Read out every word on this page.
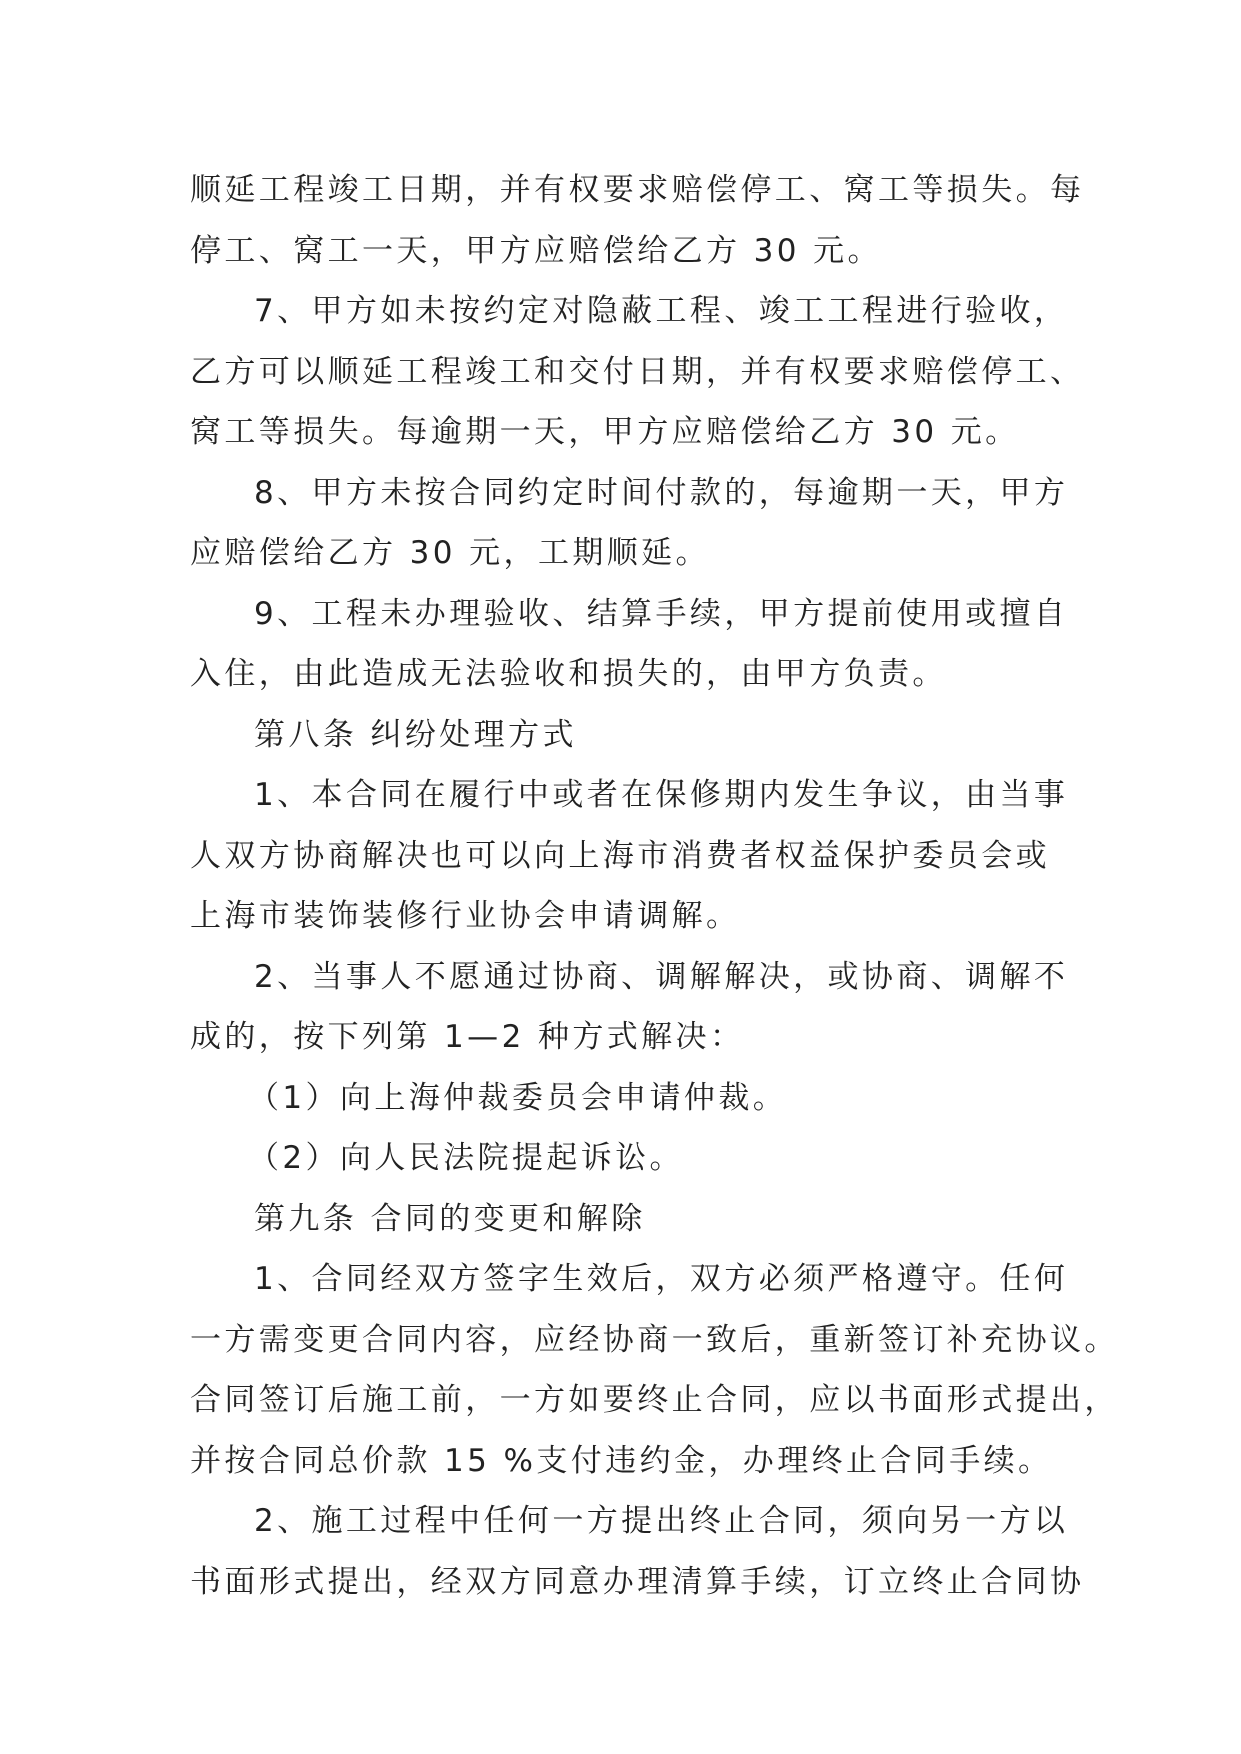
顺延工程竣工日期，并有权要求赔偿停工、窝工等损失。每
停工、窝工一天，甲方应赔偿给乙方 30 元。
7、甲方如未按约定对隐蔽工程、竣工工程进行验收，
乙方可以顺延工程竣工和交付日期，并有权要求赔偿停工、
窝工等损失。每逾期一天，甲方应赔偿给乙方 30 元。
8、甲方未按合同约定时间付款的，每逾期一天，甲方
应赔偿给乙方 30 元，工期顺延。
9、工程未办理验收、结算手续，甲方提前使用或擅自
入住，由此造成无法验收和损失的，由甲方负责。
第八条 纠纷处理方式
1、本合同在履行中或者在保修期内发生争议，由当事
人双方协商解决也可以向上海市消费者权益保护委员会或
上海市装饰装修行业协会申请调解。
2、当事人不愿通过协商、调解解决，或协商、调解不
成的，按下列第 1—2 种方式解决：
（1）向上海仲裁委员会申请仲裁。
（2）向人民法院提起诉讼。
第九条 合同的变更和解除
1、合同经双方签字生效后，双方必须严格遵守。任何
一方需变更合同内容，应经协商一致后，重新签订补充协议。
合同签订后施工前，一方如要终止合同，应以书面形式提出，
并按合同总价款 15 %支付违约金，办理终止合同手续。
2、施工过程中任何一方提出终止合同，须向另一方以
书面形式提出，经双方同意办理清算手续，订立终止合同协
